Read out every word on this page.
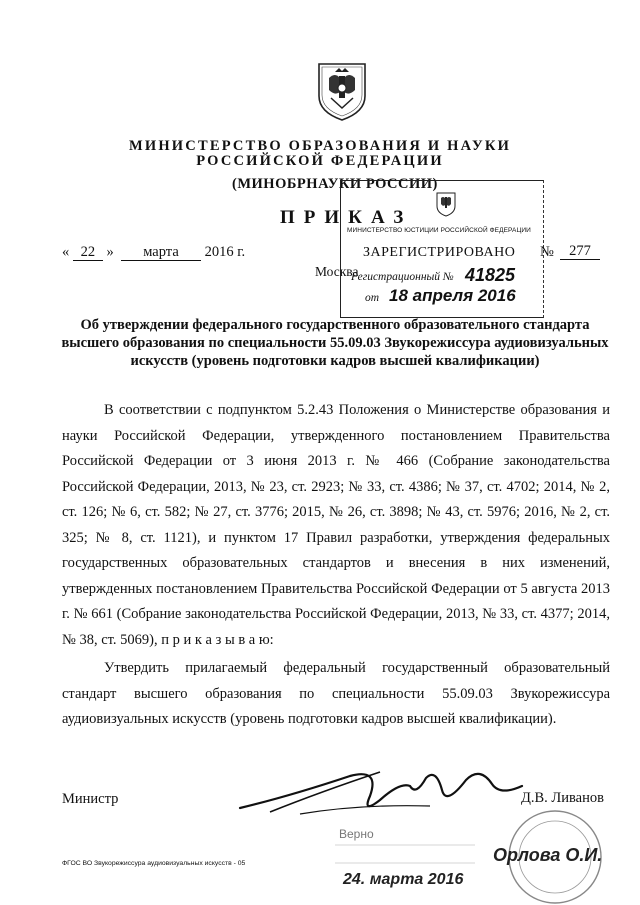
МИНИСТЕРСТВО ОБРАЗОВАНИЯ И НАУКИ
РОССИЙСКОЙ ФЕДЕРАЦИИ
(МИНОБРНАУКИ РОССИИ)
ПРИКАЗ
« 22 » марта 2016 г.
Москва
МИНИСТЕРСТВО ЮСТИЦИИ РОССИЙСКОЙ ФЕДЕРАЦИИ
ЗАРЕГИСТРИРОВАНО
Регистрационный № 41825
от 18 апреля 2016
№	277
Об утверждении федерального государственного образовательного стандарта высшего образования по специальности 55.09.03 Звукорежиссура аудиовизуальных искусств (уровень подготовки кадров высшей квалификации)
В соответствии с подпунктом 5.2.43 Положения о Министерстве образования и науки Российской Федерации, утвержденного постановлением Правительства Российской Федерации от 3 июня 2013 г. № 466 (Собрание законодательства Российской Федерации, 2013, № 23, ст. 2923; № 33, ст. 4386; № 37, ст. 4702; 2014, № 2, ст. 126; № 6, ст. 582; № 27, ст. 3776; 2015, № 26, ст. 3898; № 43, ст. 5976; 2016, № 2, ст. 325; № 8, ст. 1121), и пунктом 17 Правил разработки, утверждения федеральных государственных образовательных стандартов и внесения в них изменений, утвержденных постановлением Правительства Российской Федерации от 5 августа 2013 г. № 661 (Собрание законодательства Российской Федерации, 2013, № 33, ст. 4377; 2014, № 38, ст. 5069), п р и к а з ы в а ю:
Утвердить прилагаемый федеральный государственный образовательный стандарт высшего образования по специальности 55.09.03 Звукорежиссура аудиовизуальных искусств (уровень подготовки кадров высшей квалификации).
Министр	Д.В. Ливанов
ФГОС ВО Звукорежиссура аудиовизуальных искусств - 05
Верно
Орлова О.И.
24. марта 2016
